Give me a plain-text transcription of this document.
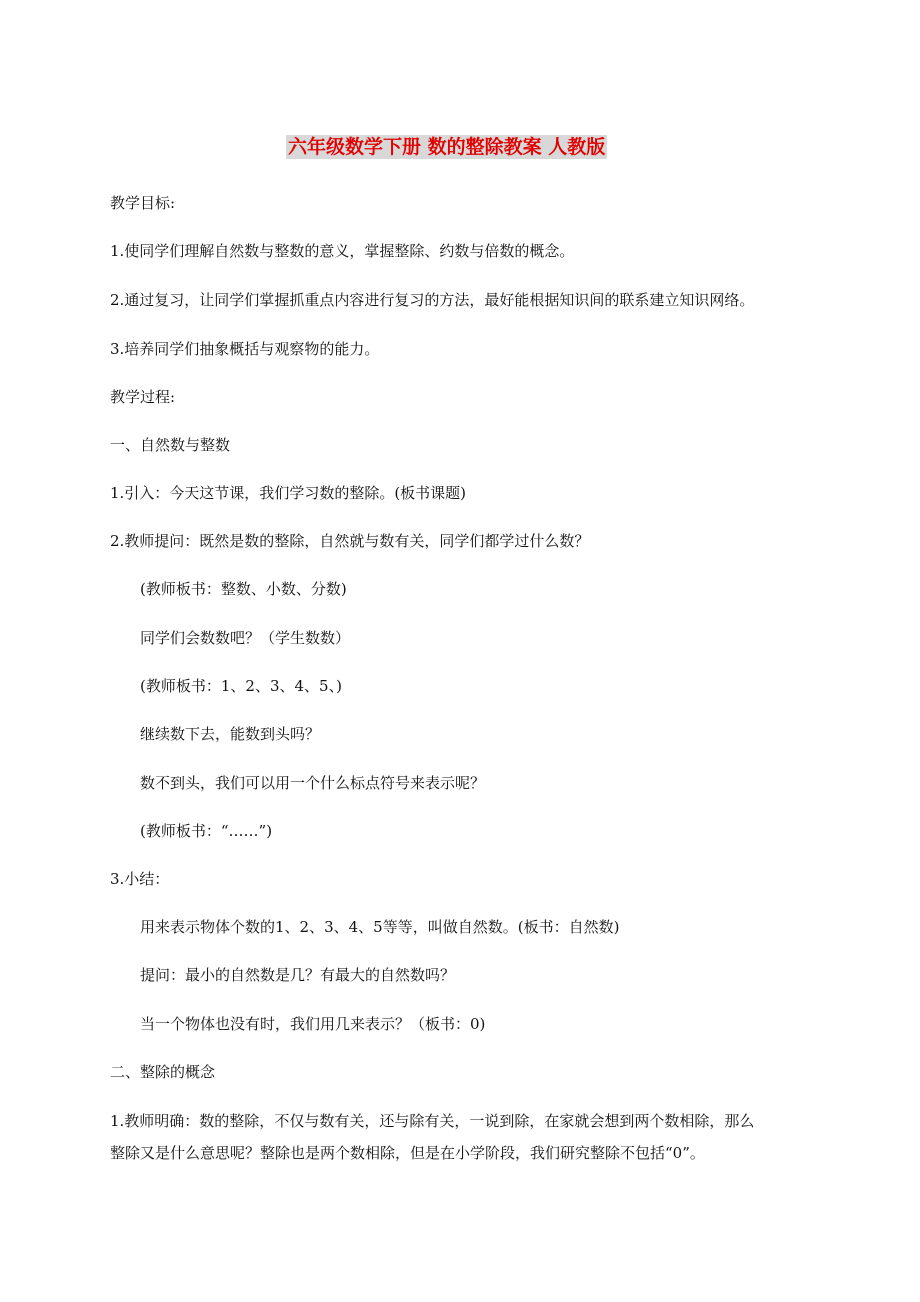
六年级数学下册 数的整除教案 人教版
教学目标:
1.使同学们理解自然数与整数的意义，掌握整除、约数与倍数的概念。
2.通过复习，让同学们掌握抓重点内容进行复习的方法，最好能根据知识间的联系建立知识网络。
3.培养同学们抽象概括与观察物的能力。
教学过程:
一、自然数与整数
1.引入：今天这节课，我们学习数的整除。(板书课题)
2.教师提问：既然是数的整除，自然就与数有关，同学们都学过什么数？
(教师板书：整数、小数、分数)
同学们会数数吧？（学生数数）
(教师板书：1、2、3、4、5、)
继续数下去，能数到头吗？
数不到头，我们可以用一个什么标点符号来表示呢？
(教师板书：“……”)
3.小结：
用来表示物体个数的1、2、3、4、5等等，叫做自然数。(板书：自然数)
提问：最小的自然数是几？有最大的自然数吗？
当一个物体也没有时，我们用几来表示？（板书：0)
二、整除的概念
1.教师明确：数的整除，不仅与数有关，还与除有关，一说到除，在家就会想到两个数相除，那么
整除又是什么意思呢？整除也是两个数相除，但是在小学阶段，我们研究整除不包括“0”。
